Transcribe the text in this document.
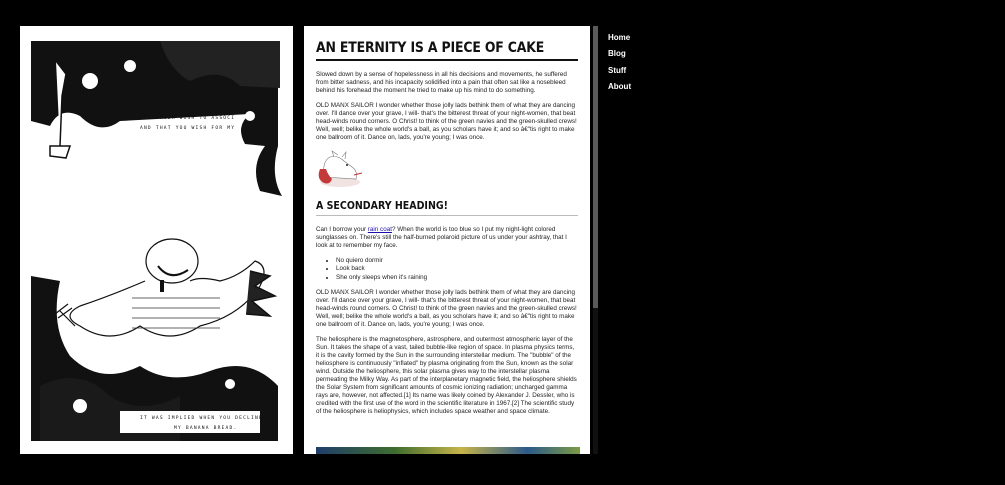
I AM SAD, AS YOU SAID
NO LONGER WISH TO ASSOCI
AND THAT YOU WISH FOR MY
IT WAS IMPLIED WHEN YOU DECLINED
MY BANANA BREAD.
AN ETERNITY IS A PIECE OF CAKE

Slowed down by a sense of hopelessness in all his decisions and movements, he suffered from bitter sadness, and his incapacity solidified into a pain that often sat like a nosebleed behind his forehead the moment he tried to make up his mind to do something.

OLD MANX SAILOR I wonder whether those jolly lads bethink them of what they are dancing over. I'll dance over your grave, I will- that's the bitterest threat of your night-women, that beat head-winds round corners. O Christ! to think of the green navies and the green-skulled crews! Well, well; belike the whole world's a ball, as you scholars have it; and so â€"tis right to make one ballroom of it. Dance on, lads, you're young; I was once.

A SECONDARY HEADING!

Can I borrow your rain coat? When the world is too blue so I put my night-light colored sunglasses on. There's still the half-burned polaroid picture of us under your ashtray, that I look at to remember my face.

• No quiero dormir
• Look back
• She only sleeps when it's raining

OLD MANX SAILOR I wonder whether those jolly lads bethink them of what they are dancing over. I'll dance over your grave, I will- that's the bitterest threat of your night-women, that beat head-winds round corners. O Christ! to think of the green navies and the green-skulled crews! Well, well; belike the whole world's a ball, as you scholars have it; and so â€"tis right to make one ballroom of it. Dance on, lads, you're young; I was once.

The heliosphere is the magnetosphere, astrosphere, and outermost atmospheric layer of the Sun. It takes the shape of a vast, tailed bubble-like region of space. In plasma physics terms, it is the cavity formed by the Sun in the surrounding interstellar medium. The "bubble" of the heliosphere is continuously "inflated" by plasma originating from the Sun, known as the solar wind. Outside the heliosphere, this solar plasma gives way to the interstellar plasma permeating the Milky Way. As part of the interplanetary magnetic field, the heliosphere shields the Solar System from significant amounts of cosmic ionizing radiation; uncharged gamma rays are, however, not affected.[1] Its name was likely coined by Alexander J. Dessler, who is credited with the first use of the word in the scientific literature in 1967.[2] The scientific study of the heliosphere is heliophysics, which includes space weather and space climate.

Home
Blog
Stuff
About
